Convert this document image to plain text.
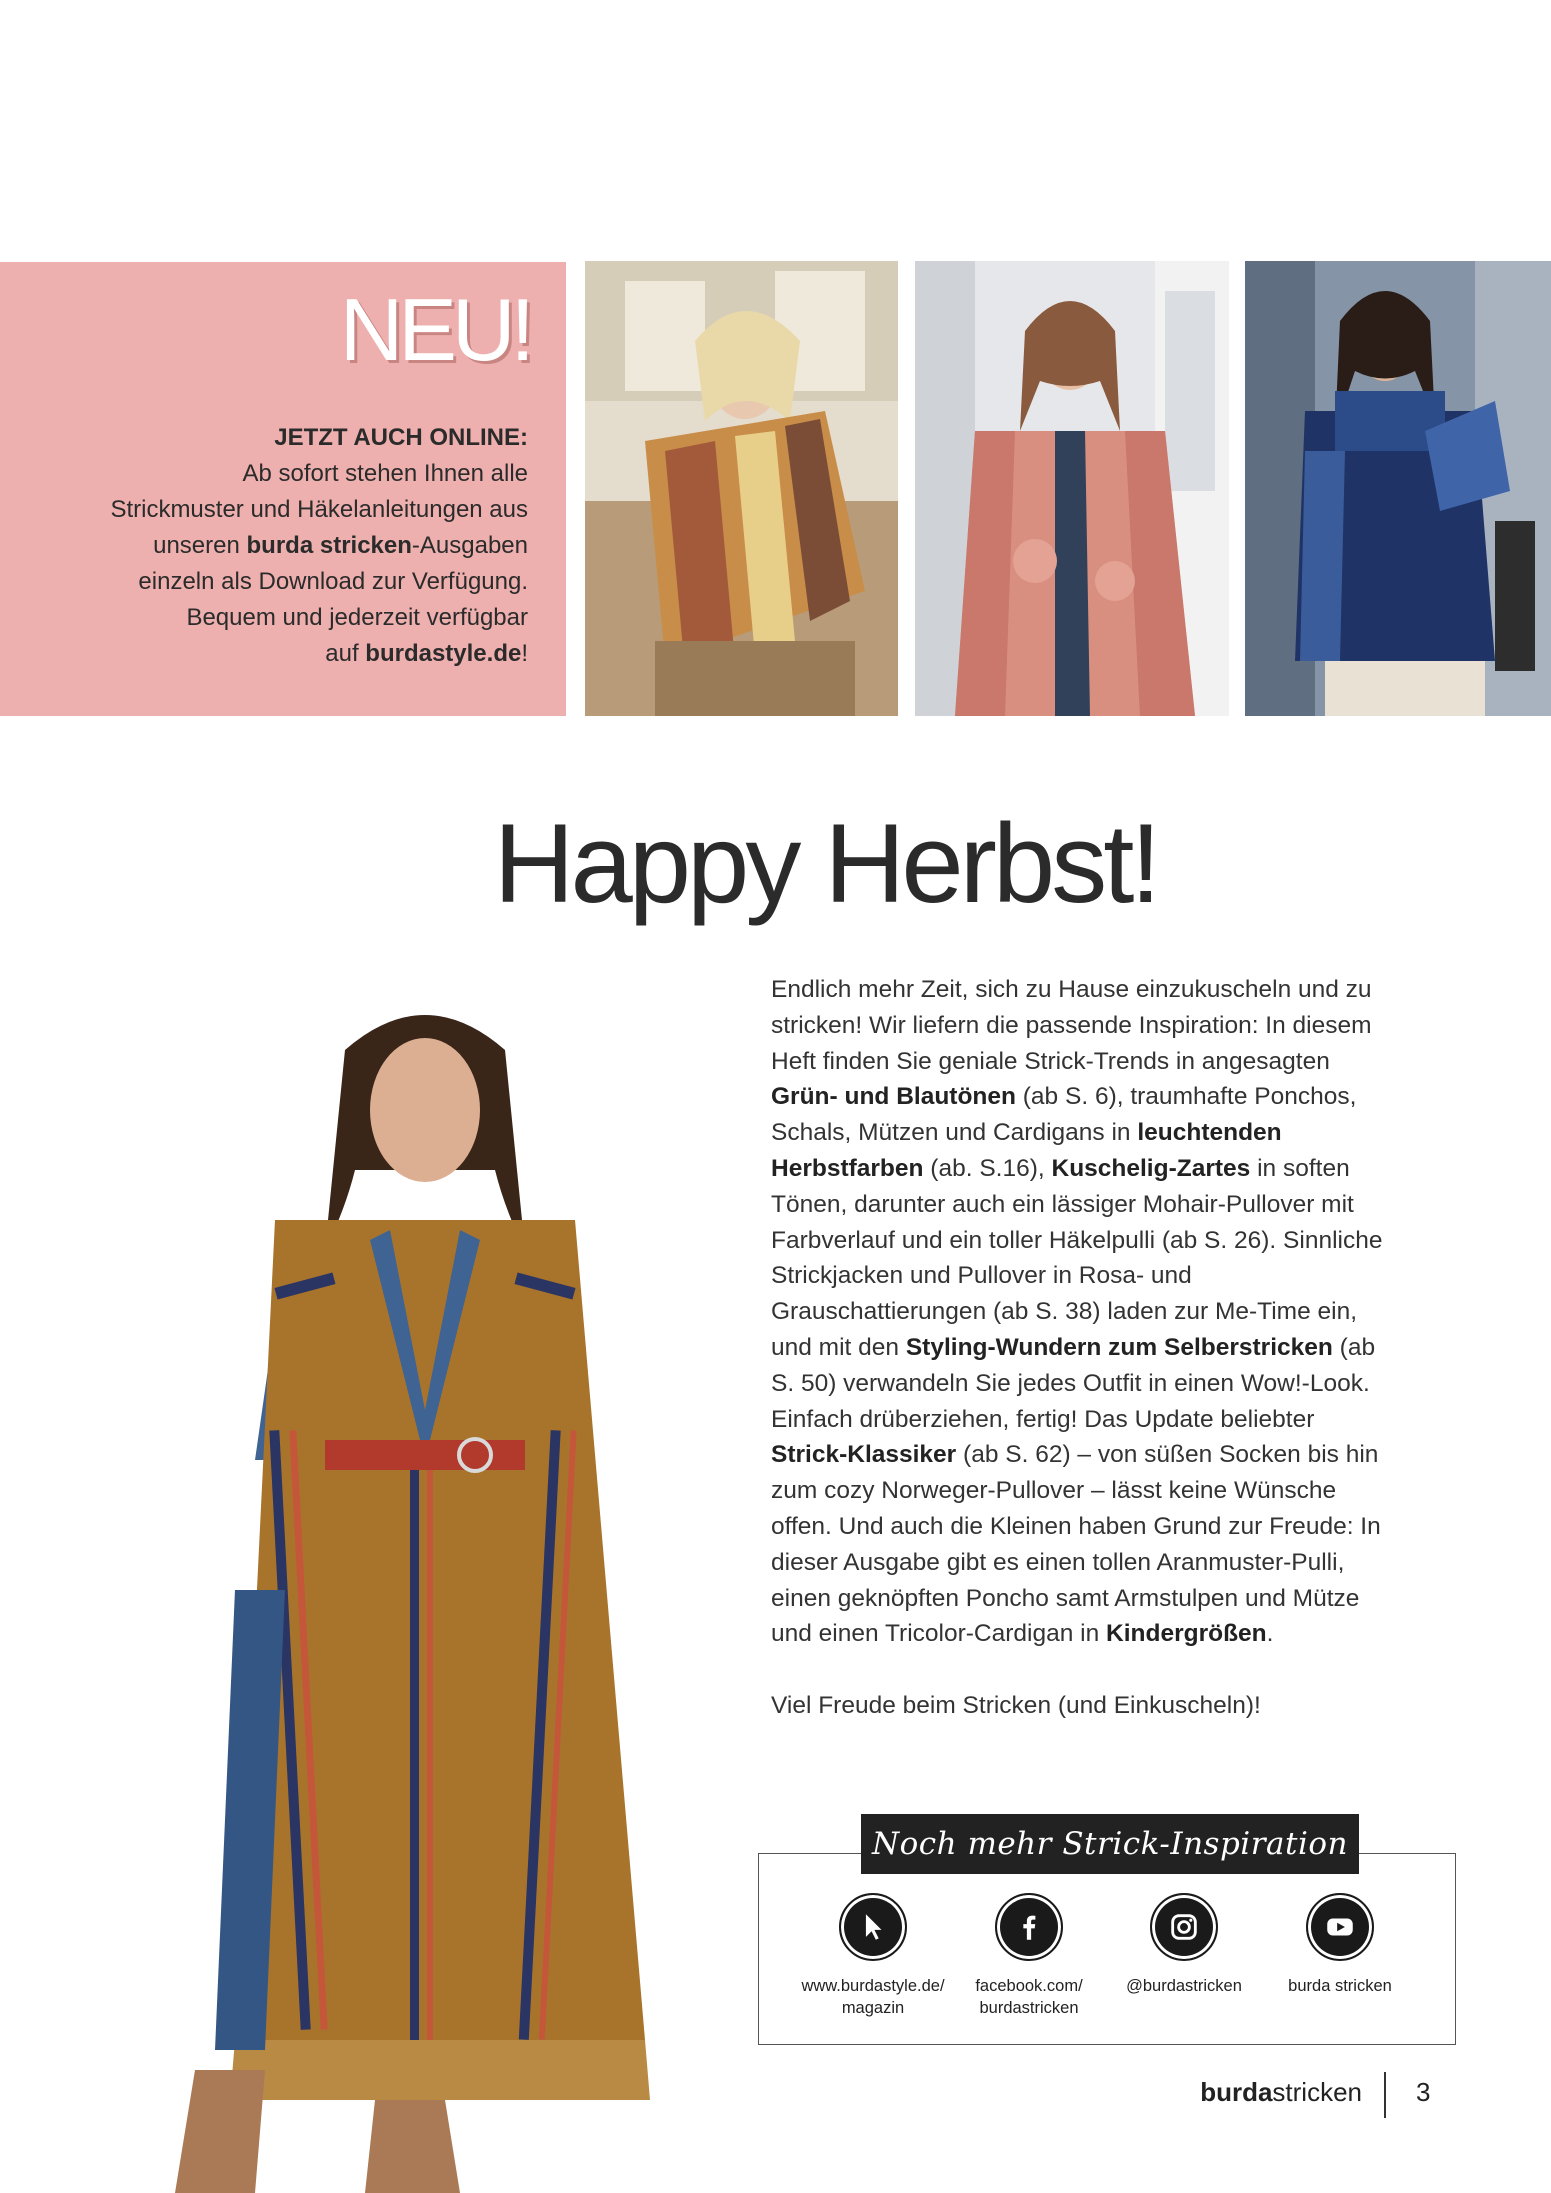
NEU!
JETZT AUCH ONLINE:
Ab sofort stehen Ihnen alle
Strickmuster und Häkelanleitungen aus
unseren burda stricken-Ausgaben
einzeln als Download zur Verfügung.
Bequem und jederzeit verfügbar
auf burdastyle.de!
Happy Herbst!

Endlich mehr Zeit, sich zu Hause einzukuscheln und zu stricken! Wir liefern die passende Inspiration: In diesem Heft finden Sie geniale Strick-Trends in angesagten Grün- und Blautönen (ab S. 6), traumhafte Ponchos, Schals, Mützen und Cardigans in leuchtenden Herbstfarben (ab. S.16), Kuschelig-Zartes in soften Tönen, darunter auch ein lässiger Mohair-Pullover mit Farbverlauf und ein toller Häkelpulli (ab S. 26). Sinnliche Strickjacken und Pullover in Rosa- und Grauschattierungen (ab S. 38) laden zur Me-Time ein, und mit den Styling-Wundern zum Selberstricken (ab S. 50) verwandeln Sie jedes Outfit in einen Wow!-Look. Einfach drüberziehen, fertig! Das Update beliebter Strick-Klassiker (ab S. 62) – von süßen Socken bis hin zum cozy Norweger-Pullover – lässt keine Wünsche offen. Und auch die Kleinen haben Grund zur Freude: In dieser Ausgabe gibt es einen tollen Aranmuster-Pulli, einen geknöpften Poncho samt Armstulpen und Mütze und einen Tricolor-Cardigan in Kindergrößen.

Viel Freude beim Stricken (und Einkuscheln)!

Noch mehr Strick-Inspiration auf:
www.burdastyle.de/
magazin
facebook.com/
burdastricken
@burdastricken	burda stricken
burdastricken 3
